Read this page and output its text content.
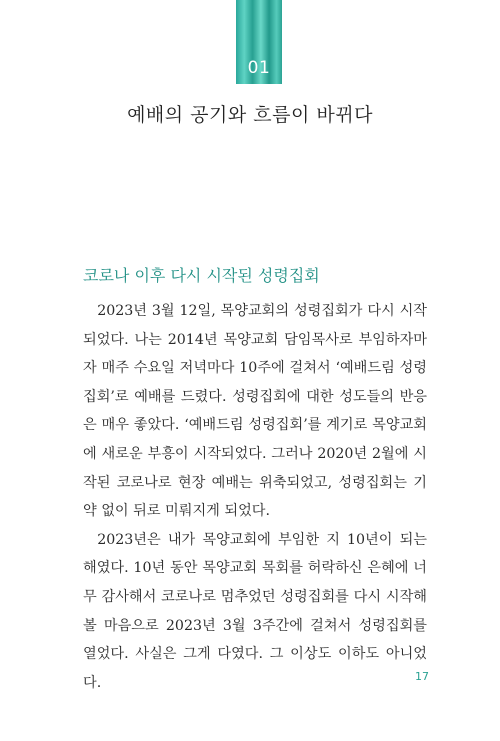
01
예배의 공기와 흐름이 바뀌다
코로나 이후 다시 시작된 성령집회

2023년 3월 12일, 목양교회의 성령집회가 다시 시작되었다. 나는 2014년 목양교회 담임목사로 부임하자마자 매주 수요일 저녁마다 10주에 걸쳐서 ‘예배드림 성령집회’로 예배를 드렸다. 성령집회에 대한 성도들의 반응은 매우 좋았다. ‘예배드림 성령집회’를 계기로 목양교회에 새로운 부흥이 시작되었다. 그러나 2020년 2월에 시작된 코로나로 현장 예배는 위축되었고, 성령집회는 기약 없이 뒤로 미뤄지게 되었다.

2023년은 내가 목양교회에 부임한 지 10년이 되는 해였다. 10년 동안 목양교회 목회를 허락하신 은혜에 너무 감사해서 코로나로 멈추었던 성령집회를 다시 시작해볼 마음으로 2023년 3월 3주간에 걸쳐서 성령집회를 열었다. 사실은 그게 다였다. 그 이상도 이하도 아니었다.	17
